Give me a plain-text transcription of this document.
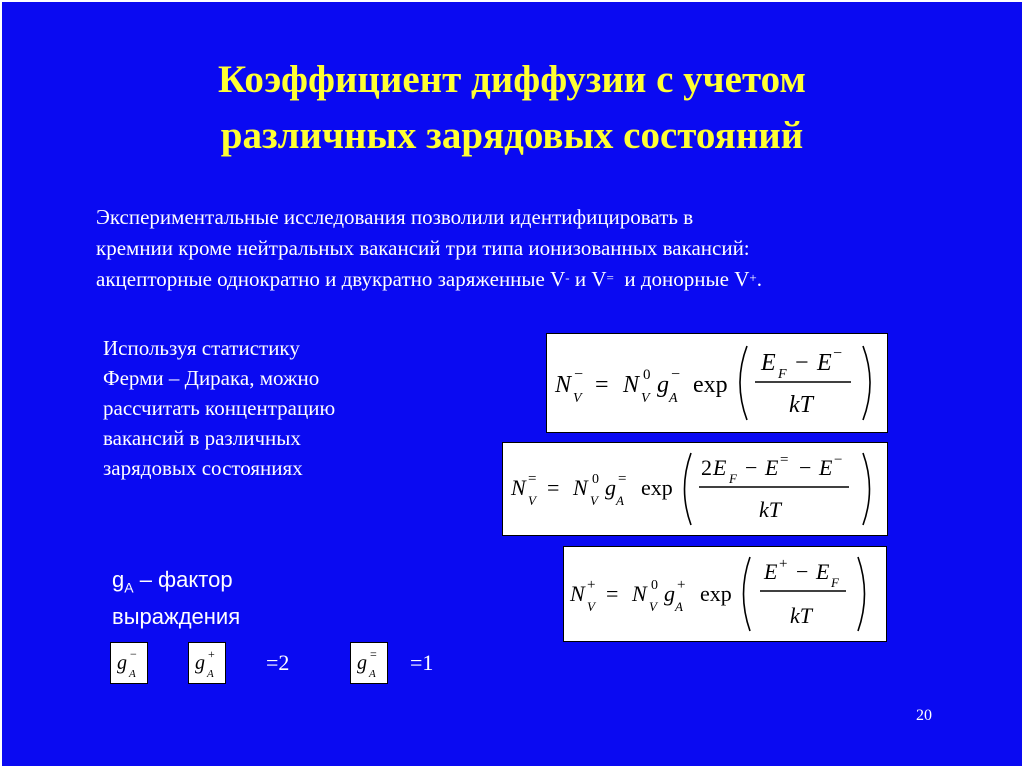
Коэффициент диффузии с учетом
различных зарядовых состояний
Экспериментальные исследования позволили идентифицировать в
кремнии кроме нейтральных вакансий три типа ионизованных вакансий:
акцепторные однократно и двукратно заряженные V- и V=  и донорные V+.
Используя статистику
Ферми – Дирака, можно
рассчитать концентрацию
вакансий в различных
зарядовых состояниях
N
V
− = N
V
0 g
A
− exp
E F − E −
kT
N
V
= = N
V
0 g
A
= exp
2 E F − E = − E −
kT
N
V
+ = N
V
0 g
A
+ exp
E + − E F
kT
$g_A$ – фактор
выраждения
g A
−	g A
+ =2	g A
= =1
20
